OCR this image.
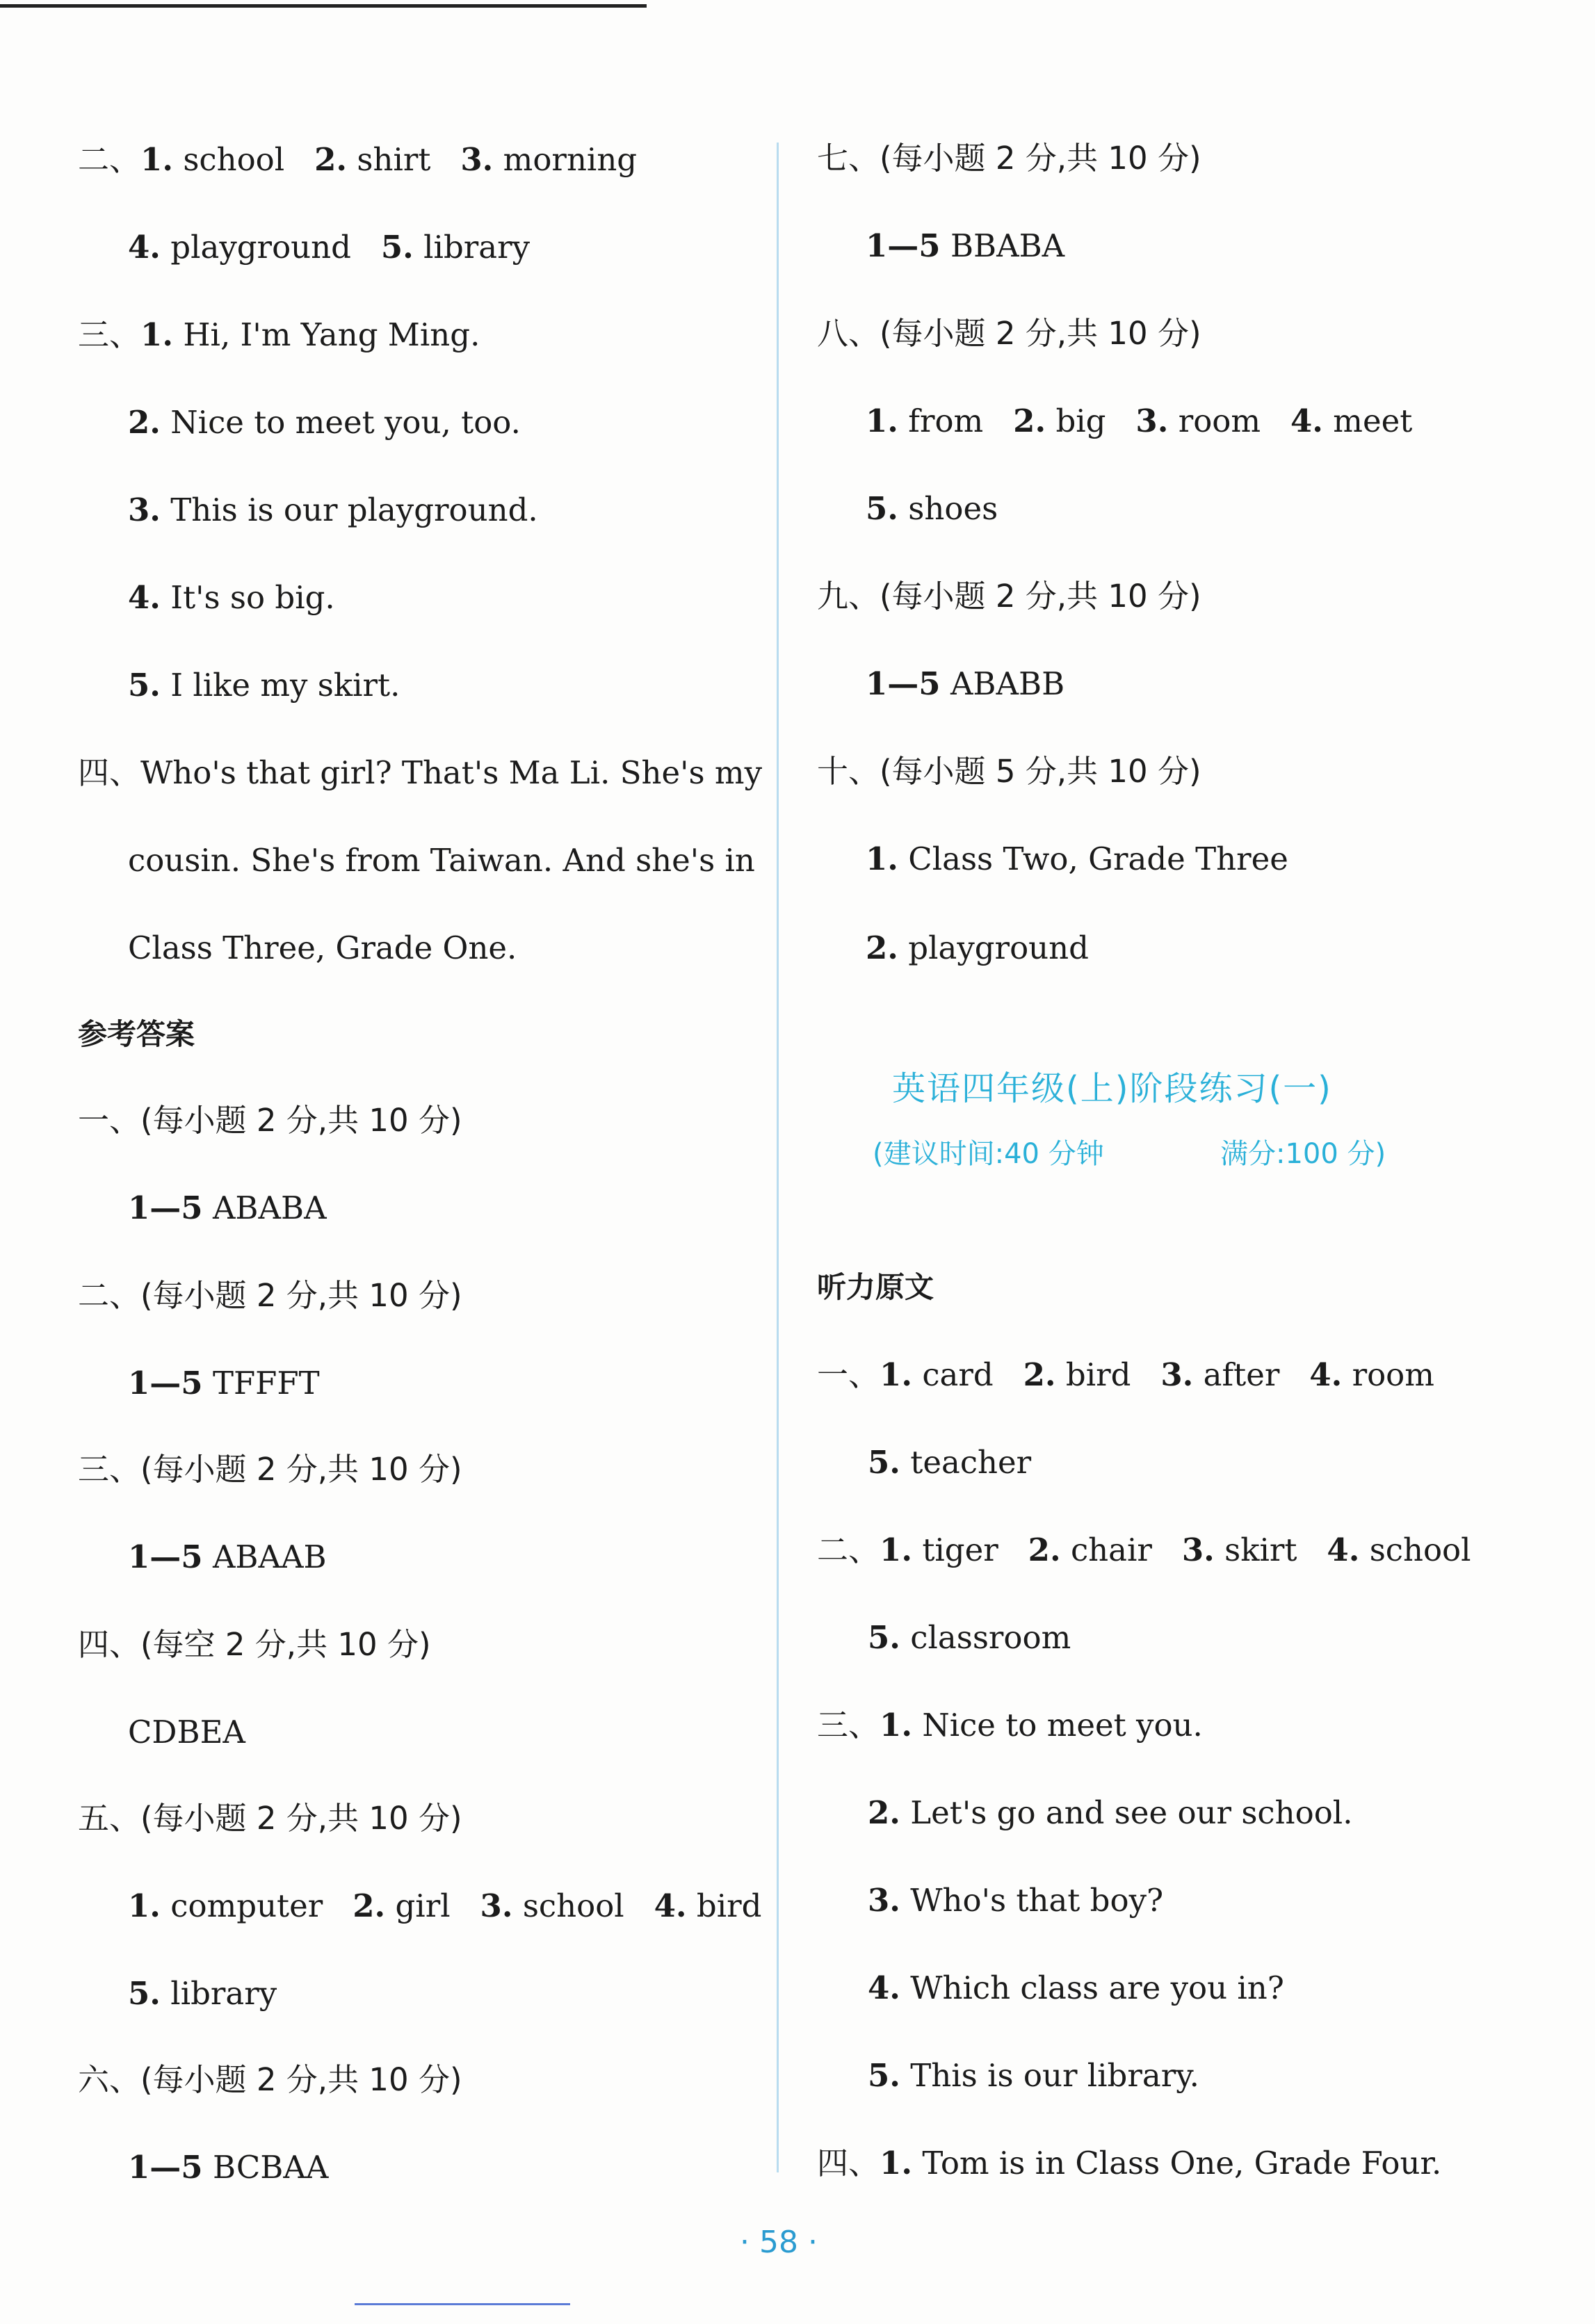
二、1. school 2. shirt 3. morning
4. playground 5. library
三、1. Hi, I'm Yang Ming.
2. Nice to meet you, too.
3. This is our playground.
4. It's so big.
5. I like my skirt.
四、Who's that girl? That's Ma Li. She's my
cousin. She's from Taiwan. And she's in
Class Three, Grade One.
参考答案
一、(每小题 2 分,共 10 分)
1—5 ABABA
二、(每小题 2 分,共 10 分)
1—5 TFFFT
三、(每小题 2 分,共 10 分)
1—5 ABAAB
四、(每空 2 分,共 10 分)
CDBEA
五、(每小题 2 分,共 10 分)
1. computer 2. girl 3. school 4. bird
5. library
六、(每小题 2 分,共 10 分)
1—5 BCBAA
七、(每小题 2 分,共 10 分)
1—5 BBABA
八、(每小题 2 分,共 10 分)
1. from 2. big 3. room 4. meet
5. shoes
九、(每小题 2 分,共 10 分)
1—5 ABABB
十、(每小题 5 分,共 10 分)
1. Class Two, Grade Three
2. playground
英语四年级(上)阶段练习(一)
(建议时间:40 分钟	满分:100 分)
听力原文
一、1. card 2. bird 3. after 4. room
5. teacher
二、1. tiger 2. chair 3. skirt 4. school
5. classroom
三、1. Nice to meet you.
2. Let's go and see our school.
3. Who's that boy?
4. Which class are you in?
5. This is our library.
四、1. Tom is in Class One, Grade Four.
· 58 ·
